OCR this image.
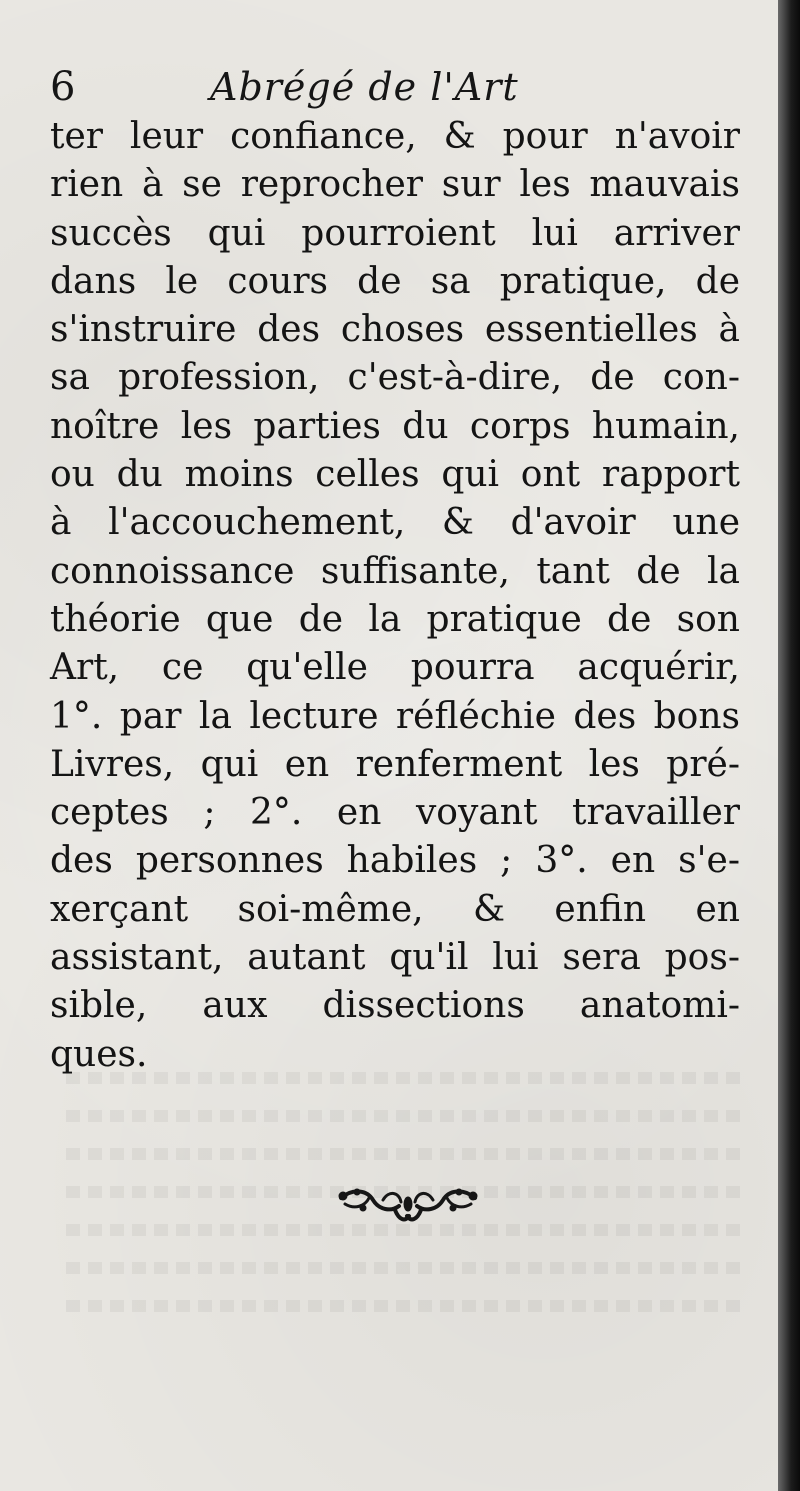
6	Abrégé de l'Art
ter leur confiance, & pour n'avoir
rien à se reprocher sur les mauvais
succès qui pourroient lui arriver
dans le cours de sa pratique, de
s'instruire des choses essentielles à
sa profession, c'est-à-dire, de con-
noître les parties du corps humain,
ou du moins celles qui ont rapport
à l'accouchement, & d'avoir une
connoissance suffisante, tant de la
théorie que de la pratique de son
Art, ce qu'elle pourra acquérir,
1°. par la lecture réfléchie des bons
Livres, qui en renferment les pré-
ceptes ; 2°. en voyant travailler
des personnes habiles ; 3°. en s'e-
xerçant soi-même, & enfin en
assistant, autant qu'il lui sera pos-
sible, aux dissections anatomi-
ques.
